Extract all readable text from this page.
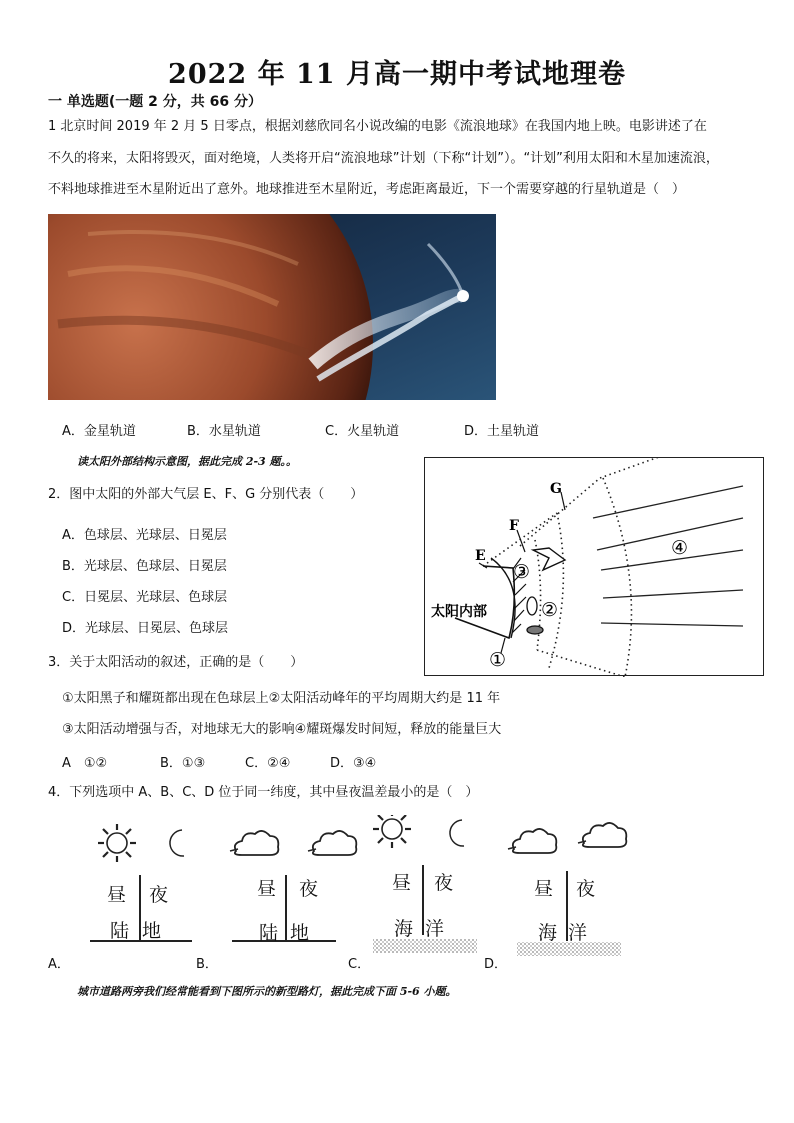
2022 年 11 月高一期中考试地理卷
一 单选题(一题 2 分，共 66 分）
1 北京时间 2019 年 2 月 5 日零点，根据刘慈欣同名小说改编的电影《流浪地球》在我国内地上映。电影讲述了在
不久的将来，太阳将毁灭，面对绝境，人类将开启“流浪地球”计划（下称“计划”）。“计划”利用太阳和木星加速流浪，
不料地球推进至木星附近出了意外。地球推进至木星附近，考虑距离最近，下一个需要穿越的行星轨道是（　）
A．金星轨道	B．水星轨道	C．火星轨道	D．土星轨道
读太阳外部结构示意图，据此完成 2-3 题。。
2．图中太阳的外部大气层 E、F、G 分别代表（　　）
A．色球层、光球层、日冕层
B．光球层、色球层、日冕层
C．日冕层、光球层、色球层
D．光球层、日冕层、色球层
G
F
E
太阳内部
①
②
③
④
3．关于太阳活动的叙述，正确的是（　　）
①太阳黑子和耀斑都出现在色球层上②太阳活动峰年的平均周期大约是 11 年
③太阳活动增强与否，对地球无大的影响④耀斑爆发时间短，释放的能量巨大
A　①②	B．①③	C．②④	D．③④
4．下列选项中 A、B、C、D 位于同一纬度，其中昼夜温差最小的是（　）
昼 夜
陆 地
昼 夜
陆 地
昼 夜
海 洋
昼 夜
海 洋
A．	B．	C．	D．
城市道路两旁我们经常能看到下图所示的新型路灯，据此完成下面 5-6 小题。
